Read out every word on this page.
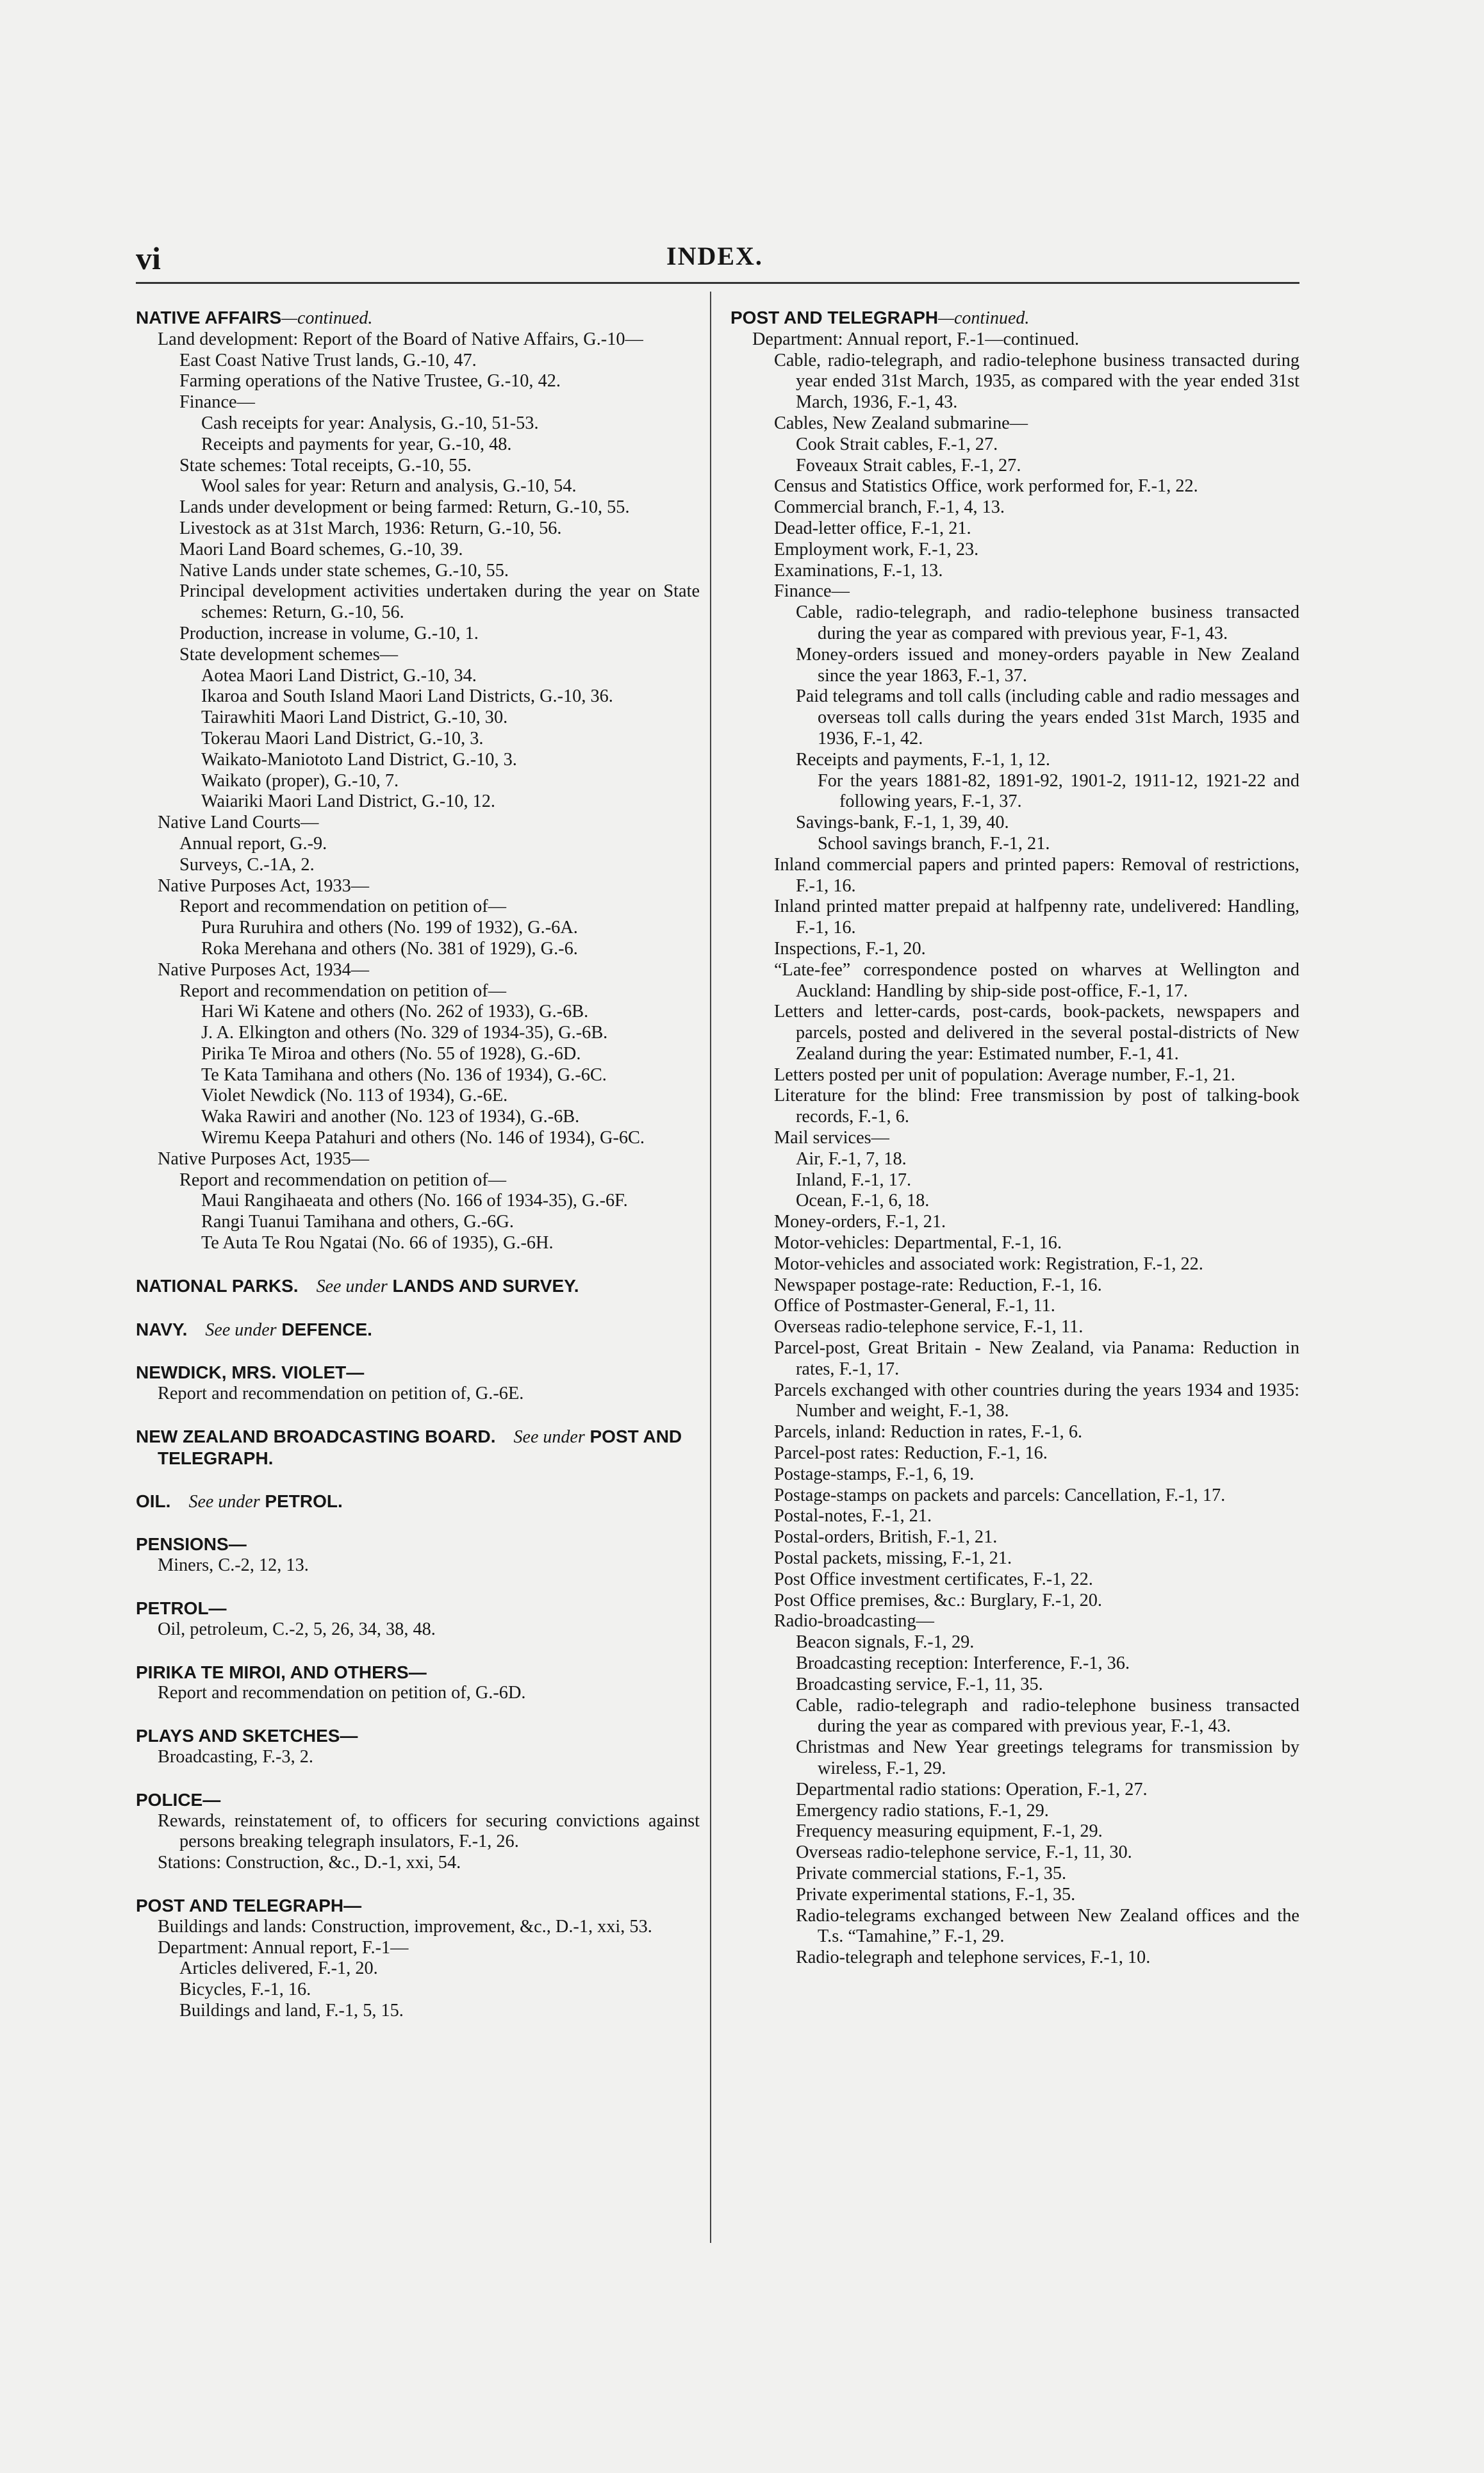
vi	INDEX.
NATIVE AFFAIRS—continued.
Land development: Report of the Board of Native Affairs, G.-10—
East Coast Native Trust lands, G.-10, 47.
Farming operations of the Native Trustee, G.-10, 42.
Finance—
Cash receipts for year: Analysis, G.-10, 51-53.
Receipts and payments for year, G.-10, 48.
State schemes: Total receipts, G.-10, 55.
Wool sales for year: Return and analysis, G.-10, 54.
Lands under development or being farmed: Return, G.-10, 55.
Livestock as at 31st March, 1936: Return, G.-10, 56.
Maori Land Board schemes, G.-10, 39.
Native Lands under state schemes, G.-10, 55.
Principal development activities undertaken during the year on State schemes: Return, G.-10, 56.
Production, increase in volume, G.-10, 1.
State development schemes—
Aotea Maori Land District, G.-10, 34.
Ikaroa and South Island Maori Land Districts, G.-10, 36.
Tairawhiti Maori Land District, G.-10, 30.
Tokerau Maori Land District, G.-10, 3.
Waikato-Maniototo Land District, G.-10, 3.
Waikato (proper), G.-10, 7.
Waiariki Maori Land District, G.-10, 12.
Native Land Courts—
Annual report, G.-9.
Surveys, C.-1A, 2.
Native Purposes Act, 1933—
Report and recommendation on petition of—
Pura Ruruhira and others (No. 199 of 1932), G.-6A.
Roka Merehana and others (No. 381 of 1929), G.-6.
Native Purposes Act, 1934—
Report and recommendation on petition of—
Hari Wi Katene and others (No. 262 of 1933), G.-6B.
J. A. Elkington and others (No. 329 of 1934-35), G.-6B.
Pirika Te Miroa and others (No. 55 of 1928), G.-6D.
Te Kata Tamihana and others (No. 136 of 1934), G.-6C.
Violet Newdick (No. 113 of 1934), G.-6E.
Waka Rawiri and another (No. 123 of 1934), G.-6B.
Wiremu Keepa Patahuri and others (No. 146 of 1934), G-6C.
Native Purposes Act, 1935—
Report and recommendation on petition of—
Maui Rangihaeata and others (No. 166 of 1934-35), G.-6F.
Rangi Tuanui Tamihana and others, G.-6G.
Te Auta Te Rou Ngatai (No. 66 of 1935), G.-6H.
NATIONAL PARKS.  See under LANDS AND SURVEY.
NAVY.  See under DEFENCE.
NEWDICK, MRS. VIOLET—
Report and recommendation on petition of, G.-6E.
NEW ZEALAND BROADCASTING BOARD.  See under POST AND TELEGRAPH.
OIL.  See under PETROL.
PENSIONS—
Miners, C.-2, 12, 13.
PETROL—
Oil, petroleum, C.-2, 5, 26, 34, 38, 48.
PIRIKA TE MIROI, AND OTHERS—
Report and recommendation on petition of, G.-6D.
PLAYS AND SKETCHES—
Broadcasting, F.-3, 2.
POLICE—
Rewards, reinstatement of, to officers for securing convictions against persons breaking telegraph insulators, F.-1, 26.
Stations: Construction, &c., D.-1, xxi, 54.
POST AND TELEGRAPH—
Buildings and lands: Construction, improvement, &c., D.-1, xxi, 53.
Department: Annual report, F.-1—
Articles delivered, F.-1, 20.
Bicycles, F.-1, 16.
Buildings and land, F.-1, 5, 15.
POST AND TELEGRAPH—continued.
Department: Annual report, F.-1—continued.
Cable, radio-telegraph, and radio-telephone business transacted during year ended 31st March, 1935, as compared with the year ended 31st March, 1936, F.-1, 43.
Cables, New Zealand submarine—
Cook Strait cables, F.-1, 27.
Foveaux Strait cables, F.-1, 27.
Census and Statistics Office, work performed for, F.-1, 22.
Commercial branch, F.-1, 4, 13.
Dead-letter office, F.-1, 21.
Employment work, F.-1, 23.
Examinations, F.-1, 13.
Finance—
Cable, radio-telegraph, and radio-telephone business transacted during the year as compared with previous year, F-1, 43.
Money-orders issued and money-orders payable in New Zealand since the year 1863, F.-1, 37.
Paid telegrams and toll calls (including cable and radio messages and overseas toll calls during the years ended 31st March, 1935 and 1936, F.-1, 42.
Receipts and payments, F.-1, 1, 12.
For the years 1881-82, 1891-92, 1901-2, 1911-12, 1921-22 and following years, F.-1, 37.
Savings-bank, F.-1, 1, 39, 40.
School savings branch, F.-1, 21.
Inland commercial papers and printed papers: Removal of restrictions, F.-1, 16.
Inland printed matter prepaid at halfpenny rate, undelivered: Handling, F.-1, 16.
Inspections, F.-1, 20.
“Late-fee” correspondence posted on wharves at Wellington and Auckland: Handling by ship-side post-office, F.-1, 17.
Letters and letter-cards, post-cards, book-packets, newspapers and parcels, posted and delivered in the several postal-districts of New Zealand during the year: Estimated number, F.-1, 41.
Letters posted per unit of population: Average number, F.-1, 21.
Literature for the blind: Free transmission by post of talking-book records, F.-1, 6.
Mail services—
Air, F.-1, 7, 18.
Inland, F.-1, 17.
Ocean, F.-1, 6, 18.
Money-orders, F.-1, 21.
Motor-vehicles: Departmental, F.-1, 16.
Motor-vehicles and associated work: Registration, F.-1, 22.
Newspaper postage-rate: Reduction, F.-1, 16.
Office of Postmaster-General, F.-1, 11.
Overseas radio-telephone service, F.-1, 11.
Parcel-post, Great Britain - New Zealand, via Panama: Reduction in rates, F.-1, 17.
Parcels exchanged with other countries during the years 1934 and 1935: Number and weight, F.-1, 38.
Parcels, inland: Reduction in rates, F.-1, 6.
Parcel-post rates: Reduction, F.-1, 16.
Postage-stamps, F.-1, 6, 19.
Postage-stamps on packets and parcels: Cancellation, F.-1, 17.
Postal-notes, F.-1, 21.
Postal-orders, British, F.-1, 21.
Postal packets, missing, F.-1, 21.
Post Office investment certificates, F.-1, 22.
Post Office premises, &c.: Burglary, F.-1, 20.
Radio-broadcasting—
Beacon signals, F.-1, 29.
Broadcasting reception: Interference, F.-1, 36.
Broadcasting service, F.-1, 11, 35.
Cable, radio-telegraph and radio-telephone business transacted during the year as compared with previous year, F.-1, 43.
Christmas and New Year greetings telegrams for transmission by wireless, F.-1, 29.
Departmental radio stations: Operation, F.-1, 27.
Emergency radio stations, F.-1, 29.
Frequency measuring equipment, F.-1, 29.
Overseas radio-telephone service, F.-1, 11, 30.
Private commercial stations, F.-1, 35.
Private experimental stations, F.-1, 35.
Radio-telegrams exchanged between New Zealand offices and the T.s. “Tamahine,” F.-1, 29.
Radio-telegraph and telephone services, F.-1, 10.
